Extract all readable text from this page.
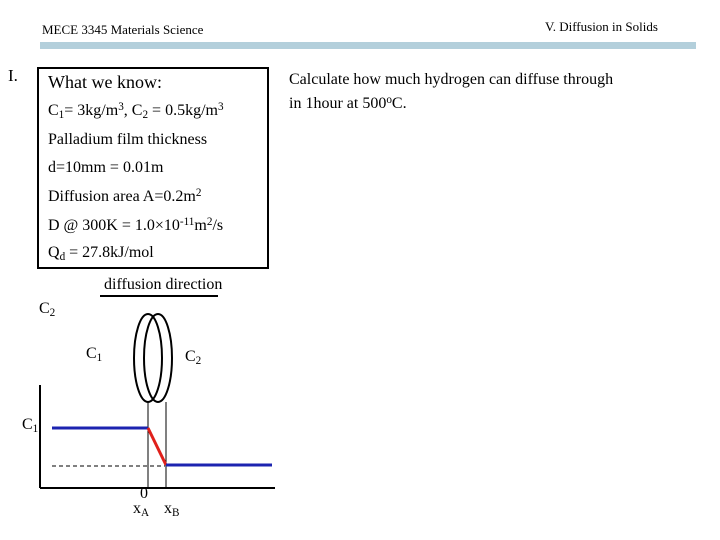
MECE 3345 Materials Science	V. Diffusion in Solids
I. What we know:
$C_1= 3kg/m^3$, $C_2 = 0.5kg/m^3$
Palladium film thickness
d=10mm = 0.01m
Diffusion area $A=0.2m^2$
D @ $300K = 1.0\times 10^{-11}m^2/s$
$Q_d = 27.8kJ/mol$
Calculate how much hydrogen can diffuse through in 1hour at 500$^o$C.
diffusion direction
$C_2$
$C_1$	$C_2$
$C_1$
0
$x_A$ $x_B$
